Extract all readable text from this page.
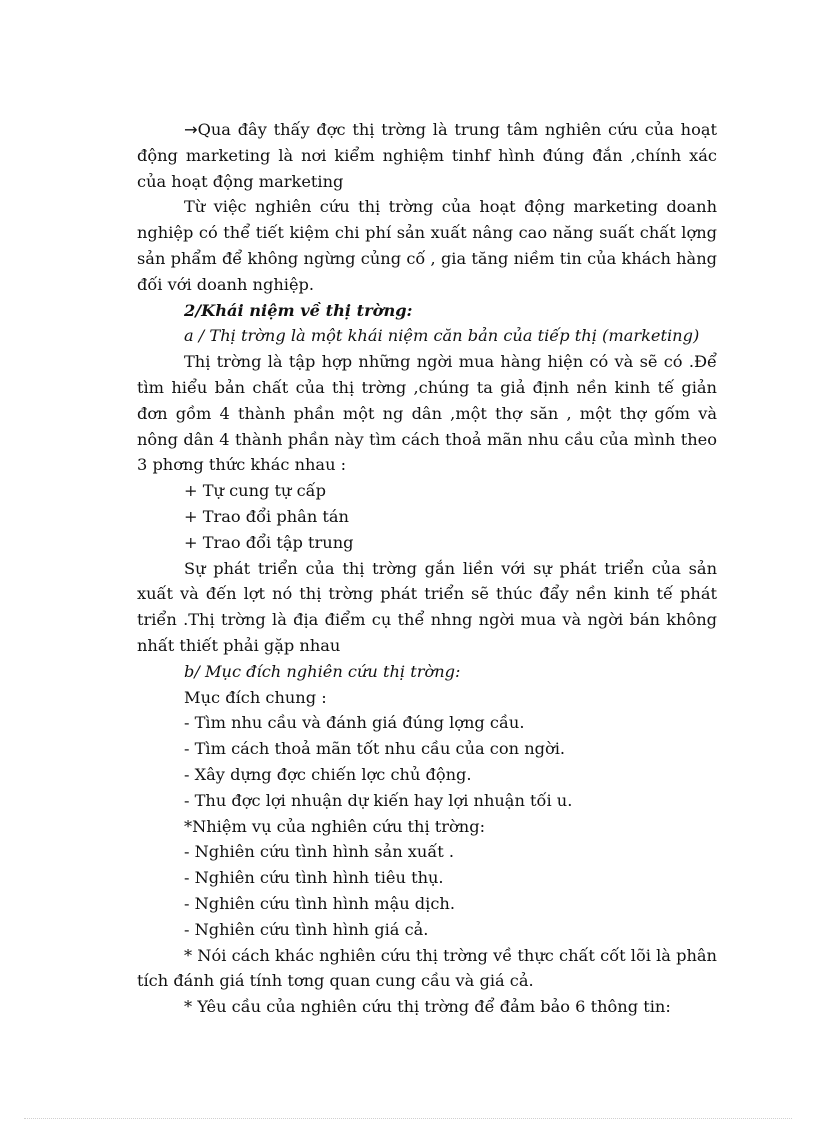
→Qua đây thấy đợc thị trờng là trung tâm nghiên cứu của hoạt động marketing là nơi kiểm nghiệm tinhf hình đúng đắn ,chính xác của hoạt động marketing

Từ việc nghiên cứu thị trờng của hoạt động marketing doanh nghiệp có thể tiết kiệm chi phí sản xuất nâng cao năng suất chất lợng sản phẩm để không ngừng củng cố , gia tăng niềm tin của khách hàng đối với doanh nghiệp.

2/Khái niệm về thị trờng:

a / Thị trờng là một khái niệm căn bản của tiếp thị (marketing)

Thị trờng là tập hợp những ngời mua hàng hiện có và sẽ có .Để tìm hiểu bản chất của thị trờng ,chúng ta giả định nền kinh tế giản đơn gồm 4 thành phần một ng dân ,một thợ săn , một thợ gốm và nông dân 4 thành phần này tìm cách thoả mãn nhu cầu của mình theo 3 phơng thức khác nhau :

+ Tự cung tự cấp

+ Trao đổi phân tán

+ Trao đổi tập trung

Sự phát triển của thị trờng gắn liền với sự phát triển của sản xuất và đến lợt nó thị trờng phát triển sẽ thúc đẩy nền kinh tế phát triển .Thị trờng là địa điểm cụ thể nhng ngời mua và ngời bán không nhất thiết phải gặp nhau

b/ Mục đích nghiên cứu thị trờng:

Mục đích chung :

- Tìm nhu cầu và đánh giá đúng lợng cầu.

- Tìm cách thoả mãn tốt nhu cầu của con ngời.

- Xây dựng đợc chiến lợc chủ động.

- Thu đợc lợi nhuận dự kiến hay lợi nhuận tối u.

*Nhiệm vụ của nghiên cứu thị trờng:

- Nghiên cứu tình hình sản xuất .

- Nghiên cứu tình hình tiêu thụ.

- Nghiên cứu tình hình mậu dịch.

- Nghiên cứu tình hình giá cả.

* Nói cách khác nghiên cứu thị trờng về thực chất cốt lõi là phân tích đánh giá tính tơng quan cung cầu và giá cả.

* Yêu cầu của nghiên cứu thị trờng để đảm bảo 6 thông tin:
